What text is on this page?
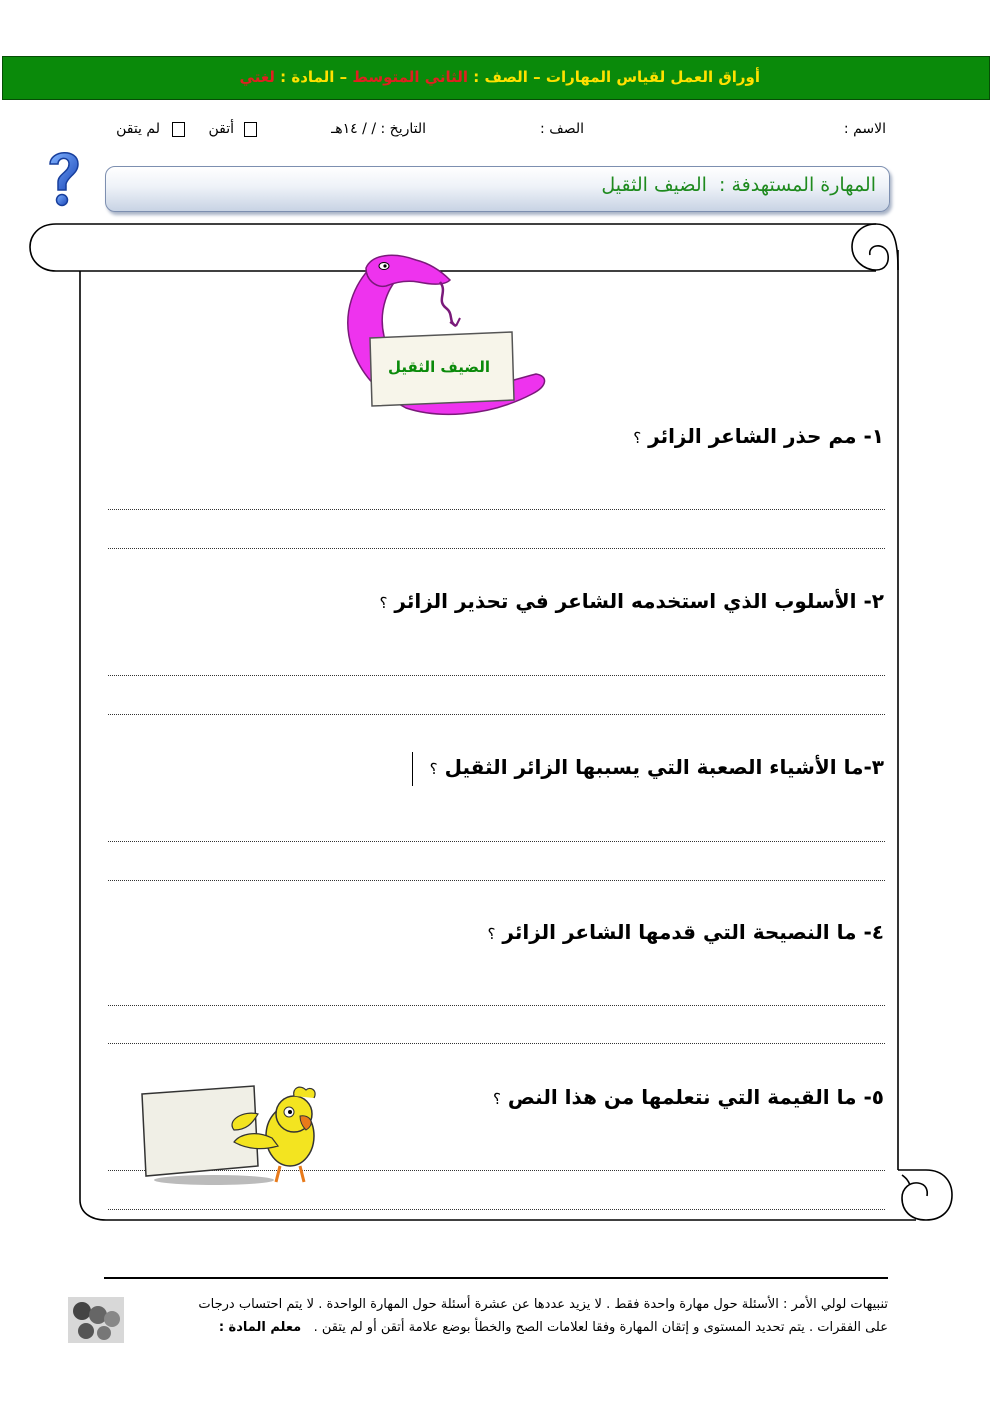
أوراق العمل لقياس المهارات – الصف : الثاني المتوسط – المادة : لغتي
الاسم :
الصف :
التاريخ : / / ١٤هـ
أتقن
لم يتقن
المهارة المستهدفة :  الضيف الثقيل
الضيف الثقيل
١- مم حذر الشاعر الزائر ؟
٢- الأسلوب الذي استخدمه الشاعر في تحذير الزائر ؟
٣-ما الأشياء الصعبة التي يسببها الزائر الثقيل ؟
٤- ما النصيحة التي قدمها الشاعر الزائر ؟
٥- ما القيمة التي نتعلمها من هذا النص ؟
تنبيهات لولي الأمر : الأسئلة حول مهارة واحدة فقط . لا يزيد عددها عن عشرة أسئلة حول المهارة الواحدة . لا يتم احتساب درجات
على الفقرات . يتم تحديد المستوى و إتقان المهارة وفقا لعلامات الصح والخطأ بوضع علامة أتقن أو لم يتقن .   معلم المادة :
